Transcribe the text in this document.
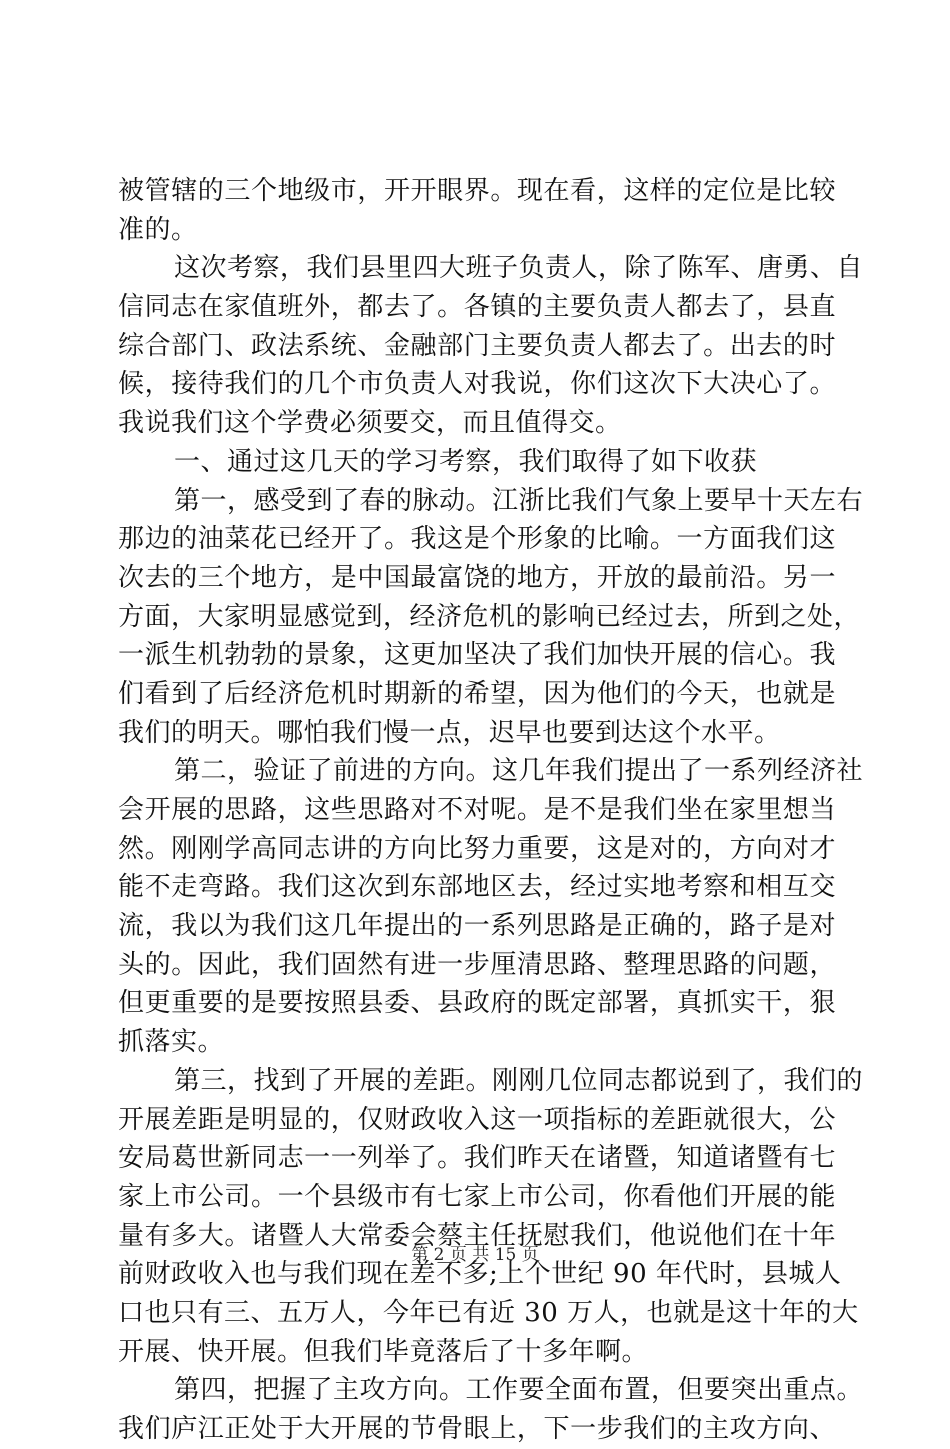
被管辖的三个地级市，开开眼界。现在看，这样的定位是比较
准的。
这次考察，我们县里四大班子负责人，除了陈军、唐勇、自
信同志在家值班外，都去了。各镇的主要负责人都去了，县直
综合部门、政法系统、金融部门主要负责人都去了。出去的时
候，接待我们的几个市负责人对我说，你们这次下大决心了。
我说我们这个学费必须要交，而且值得交。
一、通过这几天的学习考察，我们取得了如下收获
第一，感受到了春的脉动。江浙比我们气象上要早十天左右
那边的油菜花已经开了。我这是个形象的比喻。一方面我们这
次去的三个地方，是中国最富饶的地方，开放的最前沿。另一
方面，大家明显感觉到，经济危机的影响已经过去，所到之处，
一派生机勃勃的景象，这更加坚决了我们加快开展的信心。我
们看到了后经济危机时期新的希望，因为他们的今天，也就是
我们的明天。哪怕我们慢一点，迟早也要到达这个水平。
第二，验证了前进的方向。这几年我们提出了一系列经济社
会开展的思路，这些思路对不对呢。是不是我们坐在家里想当
然。刚刚学高同志讲的方向比努力重要，这是对的，方向对才
能不走弯路。我们这次到东部地区去，经过实地考察和相互交
流，我以为我们这几年提出的一系列思路是正确的，路子是对
头的。因此，我们固然有进一步厘清思路、整理思路的问题，
但更重要的是要按照县委、县政府的既定部署，真抓实干，狠
抓落实。
第三，找到了开展的差距。刚刚几位同志都说到了，我们的
开展差距是明显的，仅财政收入这一项指标的差距就很大，公
安局葛世新同志一一列举了。我们昨天在诸暨，知道诸暨有七
家上市公司。一个县级市有七家上市公司，你看他们开展的能
量有多大。诸暨人大常委会蔡主任抚慰我们，他说他们在十年
前财政收入也与我们现在差不多;上个世纪 90 年代时，县城人
口也只有三、五万人，今年已有近 30 万人，也就是这十年的大
开展、快开展。但我们毕竟落后了十多年啊。
第四，把握了主攻方向。工作要全面布置，但要突出重点。
我们庐江正处于大开展的节骨眼上，下一步我们的主攻方向、
第 2 页 共 15 页
